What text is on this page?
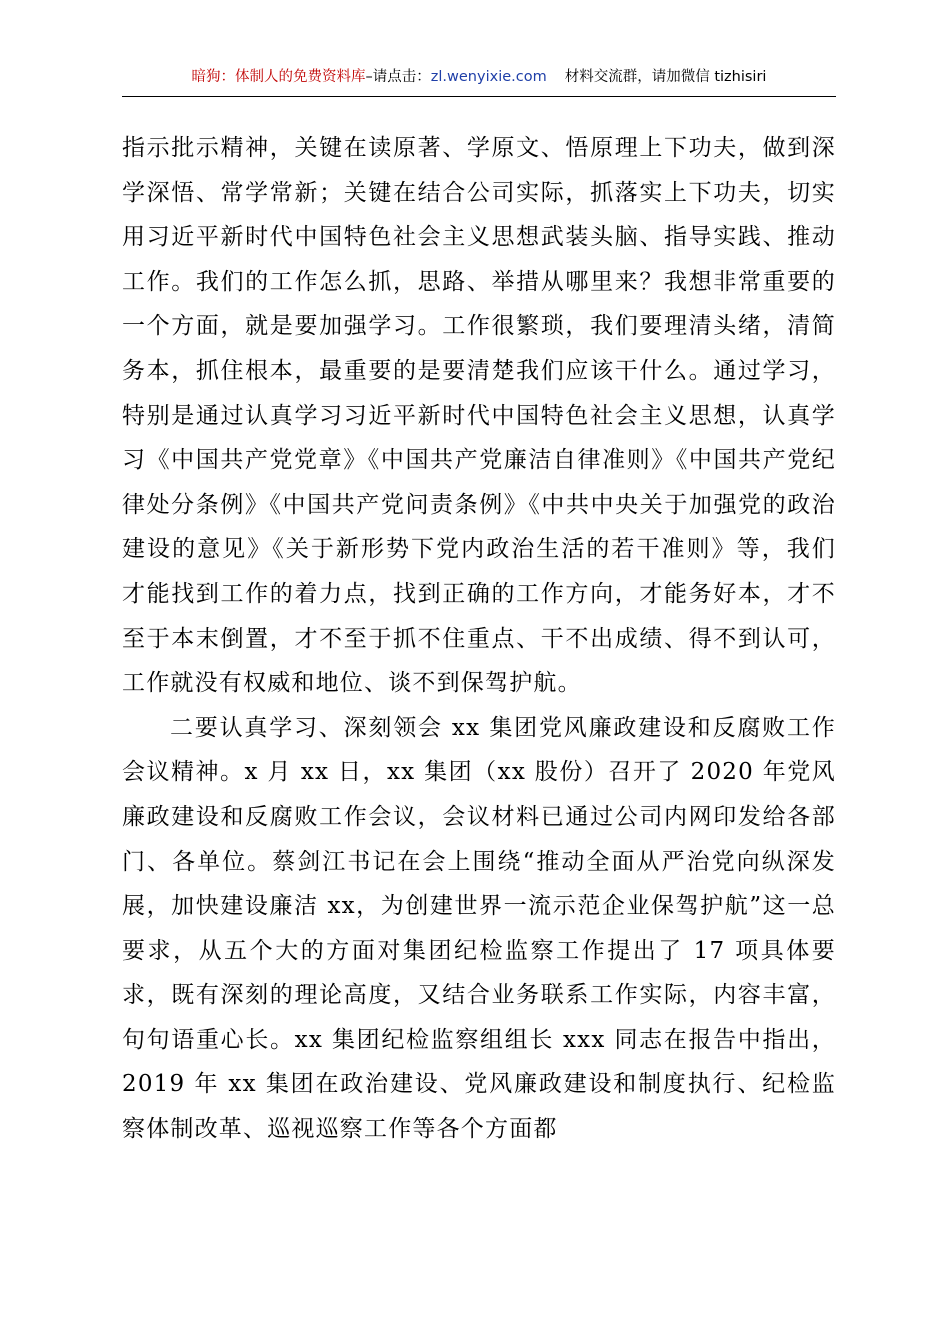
暗狗：体制人的免费资料库–请点击：zl.wenyixie.com 材料交流群，请加微信 tizhisiri

指示批示精神，关键在读原著、学原文、悟原理上下功夫，做到深学深悟、常学常新；关键在结合公司实际，抓落实上下功夫，切实用习近平新时代中国特色社会主义思想武装头脑、指导实践、推动工作。我们的工作怎么抓，思路、举措从哪里来？我想非常重要的一个方面，就是要加强学习。工作很繁琐，我们要理清头绪，清简务本，抓住根本，最重要的是要清楚我们应该干什么。通过学习，特别是通过认真学习习近平新时代中国特色社会主义思想，认真学习《中国共产党党章》《中国共产党廉洁自律准则》《中国共产党纪律处分条例》《中国共产党问责条例》《中共中央关于加强党的政治建设的意见》《关于新形势下党内政治生活的若干准则》等，我们才能找到工作的着力点，找到正确的工作方向，才能务好本，才不至于本末倒置，才不至于抓不住重点、干不出成绩、得不到认可，工作就没有权威和地位、谈不到保驾护航。

二要认真学习、深刻领会 xx 集团党风廉政建设和反腐败工作会议精神。x 月 xx 日，xx 集团（xx 股份）召开了 2020 年党风廉政建设和反腐败工作会议，会议材料已通过公司内网印发给各部门、各单位。蔡剑江书记在会上围绕“推动全面从严治党向纵深发展，加快建设廉洁 xx，为创建世界一流示范企业保驾护航”这一总要求，从五个大的方面对集团纪检监察工作提出了 17 项具体要求，既有深刻的理论高度，又结合业务联系工作实际，内容丰富，句句语重心长。xx 集团纪检监察组组长 xxx 同志在报告中指出，2019 年 xx 集团在政治建设、党风廉政建设和制度执行、纪检监察体制改革、巡视巡察工作等各个方面都
